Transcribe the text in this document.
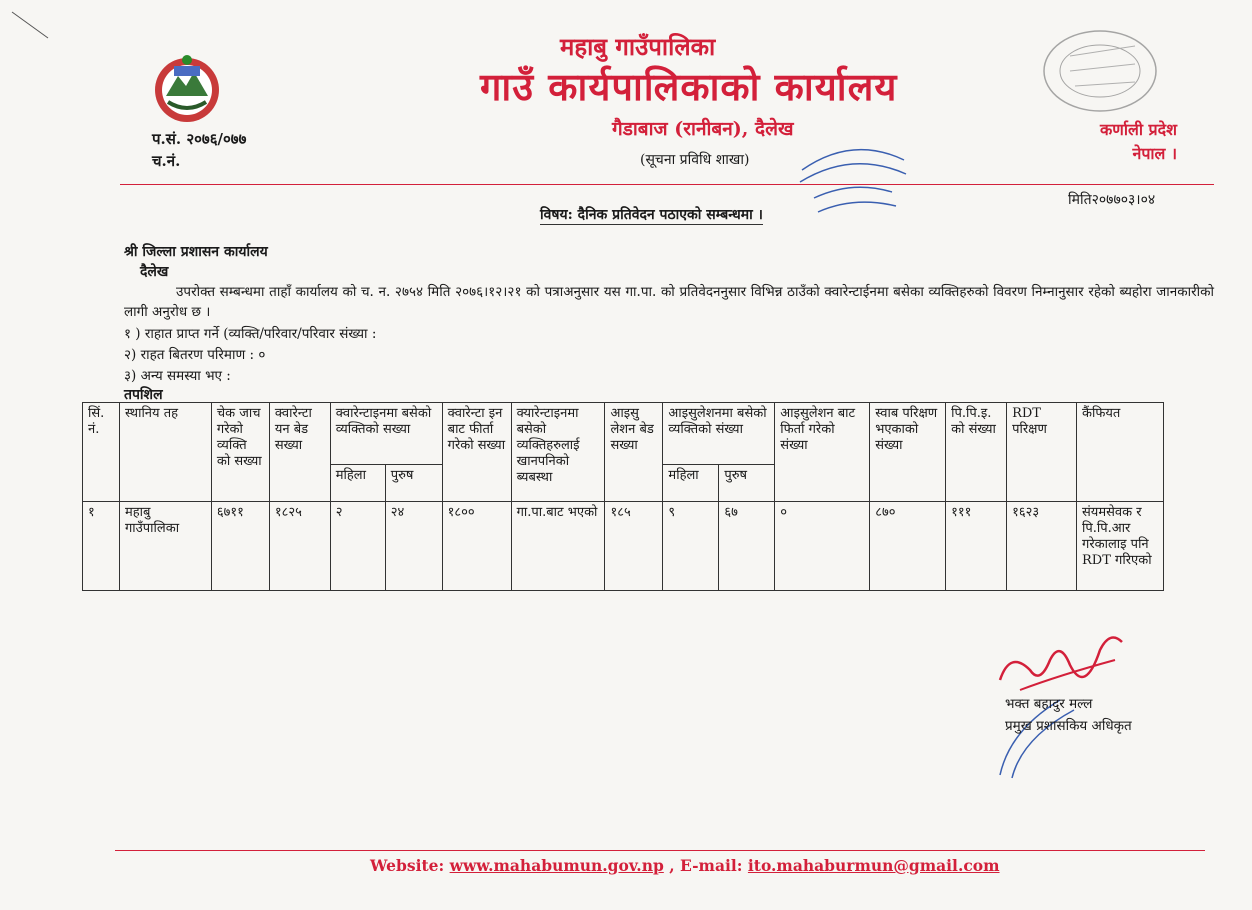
महाबु गाउँपालिका
गाउँ कार्यपालिकाको कार्यालय
गैडाबाज (रानीबन), दैलेख
(सूचना प्रविधि शाखा)
कर्णाली प्रदेश
नेपाल ।
प.सं. २०७६/०७७
च.नं.
मिति२०७७०३।०४
विषय: दैनिक प्रतिवेदन पठाएको सम्बन्धमा ।
श्री जिल्ला प्रशासन कार्यालय
दैलेख
उपरोक्त सम्बन्धमा ताहाँ कार्यालय को च. न. २७५४ मिति २०७६।१२।२१ को पत्राअनुसार यस गा.पा. को प्रतिवेदननुसार विभिन्न ठाउँको क्वारेन्टाईनमा बसेका व्यक्तिहरुको विवरण निम्नानुसार रहेको ब्यहोरा जानकारीको लागी अनुरोध छ ।
१ ) राहात प्राप्त गर्ने (व्यक्ति/परिवार/परिवार संख्या :
२) राहत बितरण परिमाण : ०
३) अन्य समस्या भए :
तपशिल
सिं. नं.	स्थानिय तह	चेक जाच गरेको व्यक्ति को सख्या	क्वारेन्टा यन बेड सख्या	क्वारेन्टाइनमा बसेको व्यक्तिको सख्या		क्वारेन्टा इन बाट फीर्ता गरेको सख्या	क्यारेन्टाइनमा बसेको व्यक्तिहरुलाई खानपनिको ब्यबस्था	आइसु लेशन बेड सख्या	आइसुलेशनमा बसेको व्यक्तिको संख्या		आइसुलेशन बाट फिर्ता गरेको संख्या	स्वाब परिक्षण भएकाको संख्या	पि.पि.इ. को संख्या	RDT परिक्षण	कैंफियत
				महिला	पुरुष				महिला	पुरुष					
१	महाबु गाउँपालिका	६७११	१८२५	२	२४	१८००	गा.पा.बाट भएको	१८५	९	६७	०	८७०	१११	१६२३	संयमसेवक र पि.पि.आर गरेकालाइ पनि RDT गरिएको
भक्त बहादुर मल्ल
प्रमुख प्रशासकिय अधिकृत
Website: www.mahabumun.gov.np , E-mail: ito.mahaburmun@gmail.com
